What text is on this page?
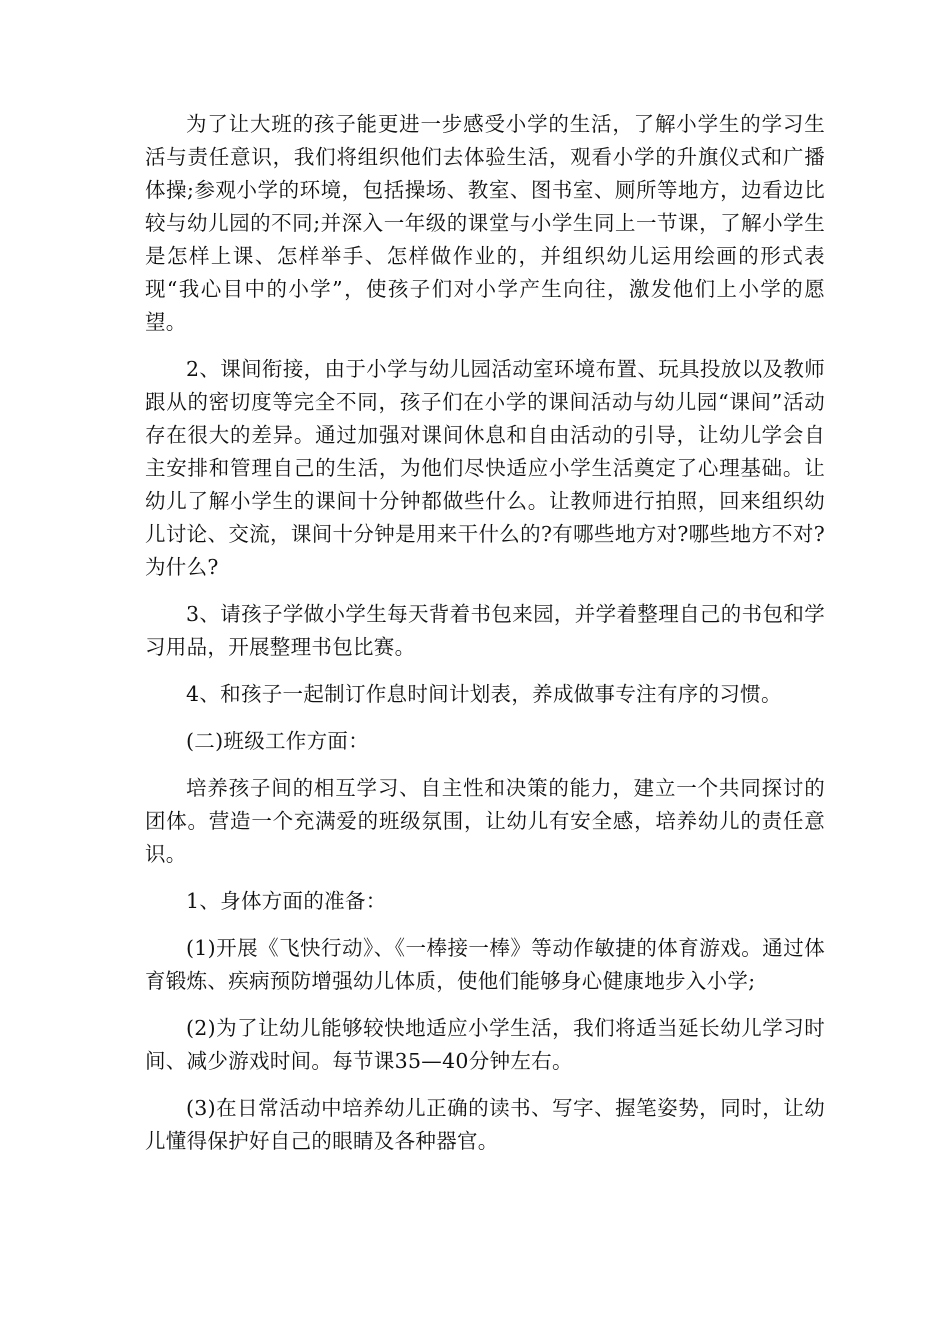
为了让大班的孩子能更进一步感受小学的生活，了解小学生的学习生活与责任意识，我们将组织他们去体验生活，观看小学的升旗仪式和广播体操;参观小学的环境，包括操场、教室、图书室、厕所等地方，边看边比较与幼儿园的不同;并深入一年级的课堂与小学生同上一节课，了解小学生是怎样上课、怎样举手、怎样做作业的，并组织幼儿运用绘画的形式表现“我心目中的小学”，使孩子们对小学产生向往，激发他们上小学的愿望。

2、课间衔接，由于小学与幼儿园活动室环境布置、玩具投放以及教师跟从的密切度等完全不同，孩子们在小学的课间活动与幼儿园“课间”活动存在很大的差异。通过加强对课间休息和自由活动的引导，让幼儿学会自主安排和管理自己的生活，为他们尽快适应小学生活奠定了心理基础。让幼儿了解小学生的课间十分钟都做些什么。让教师进行拍照，回来组织幼儿讨论、交流，课间十分钟是用来干什么的?有哪些地方对?哪些地方不对?为什么?

3、请孩子学做小学生每天背着书包来园，并学着整理自己的书包和学习用品，开展整理书包比赛。

4、和孩子一起制订作息时间计划表，养成做事专注有序的习惯。

(二)班级工作方面：

培养孩子间的相互学习、自主性和决策的能力，建立一个共同探讨的团体。营造一个充满爱的班级氛围，让幼儿有安全感，培养幼儿的责任意识。

1、身体方面的准备：

(1)开展《飞快行动》、《一棒接一棒》等动作敏捷的体育游戏。通过体育锻炼、疾病预防增强幼儿体质，使他们能够身心健康地步入小学;

(2)为了让幼儿能够较快地适应小学生活，我们将适当延长幼儿学习时间、减少游戏时间。每节课35—40分钟左右。

(3)在日常活动中培养幼儿正确的读书、写字、握笔姿势，同时，让幼儿懂得保护好自己的眼睛及各种器官。
